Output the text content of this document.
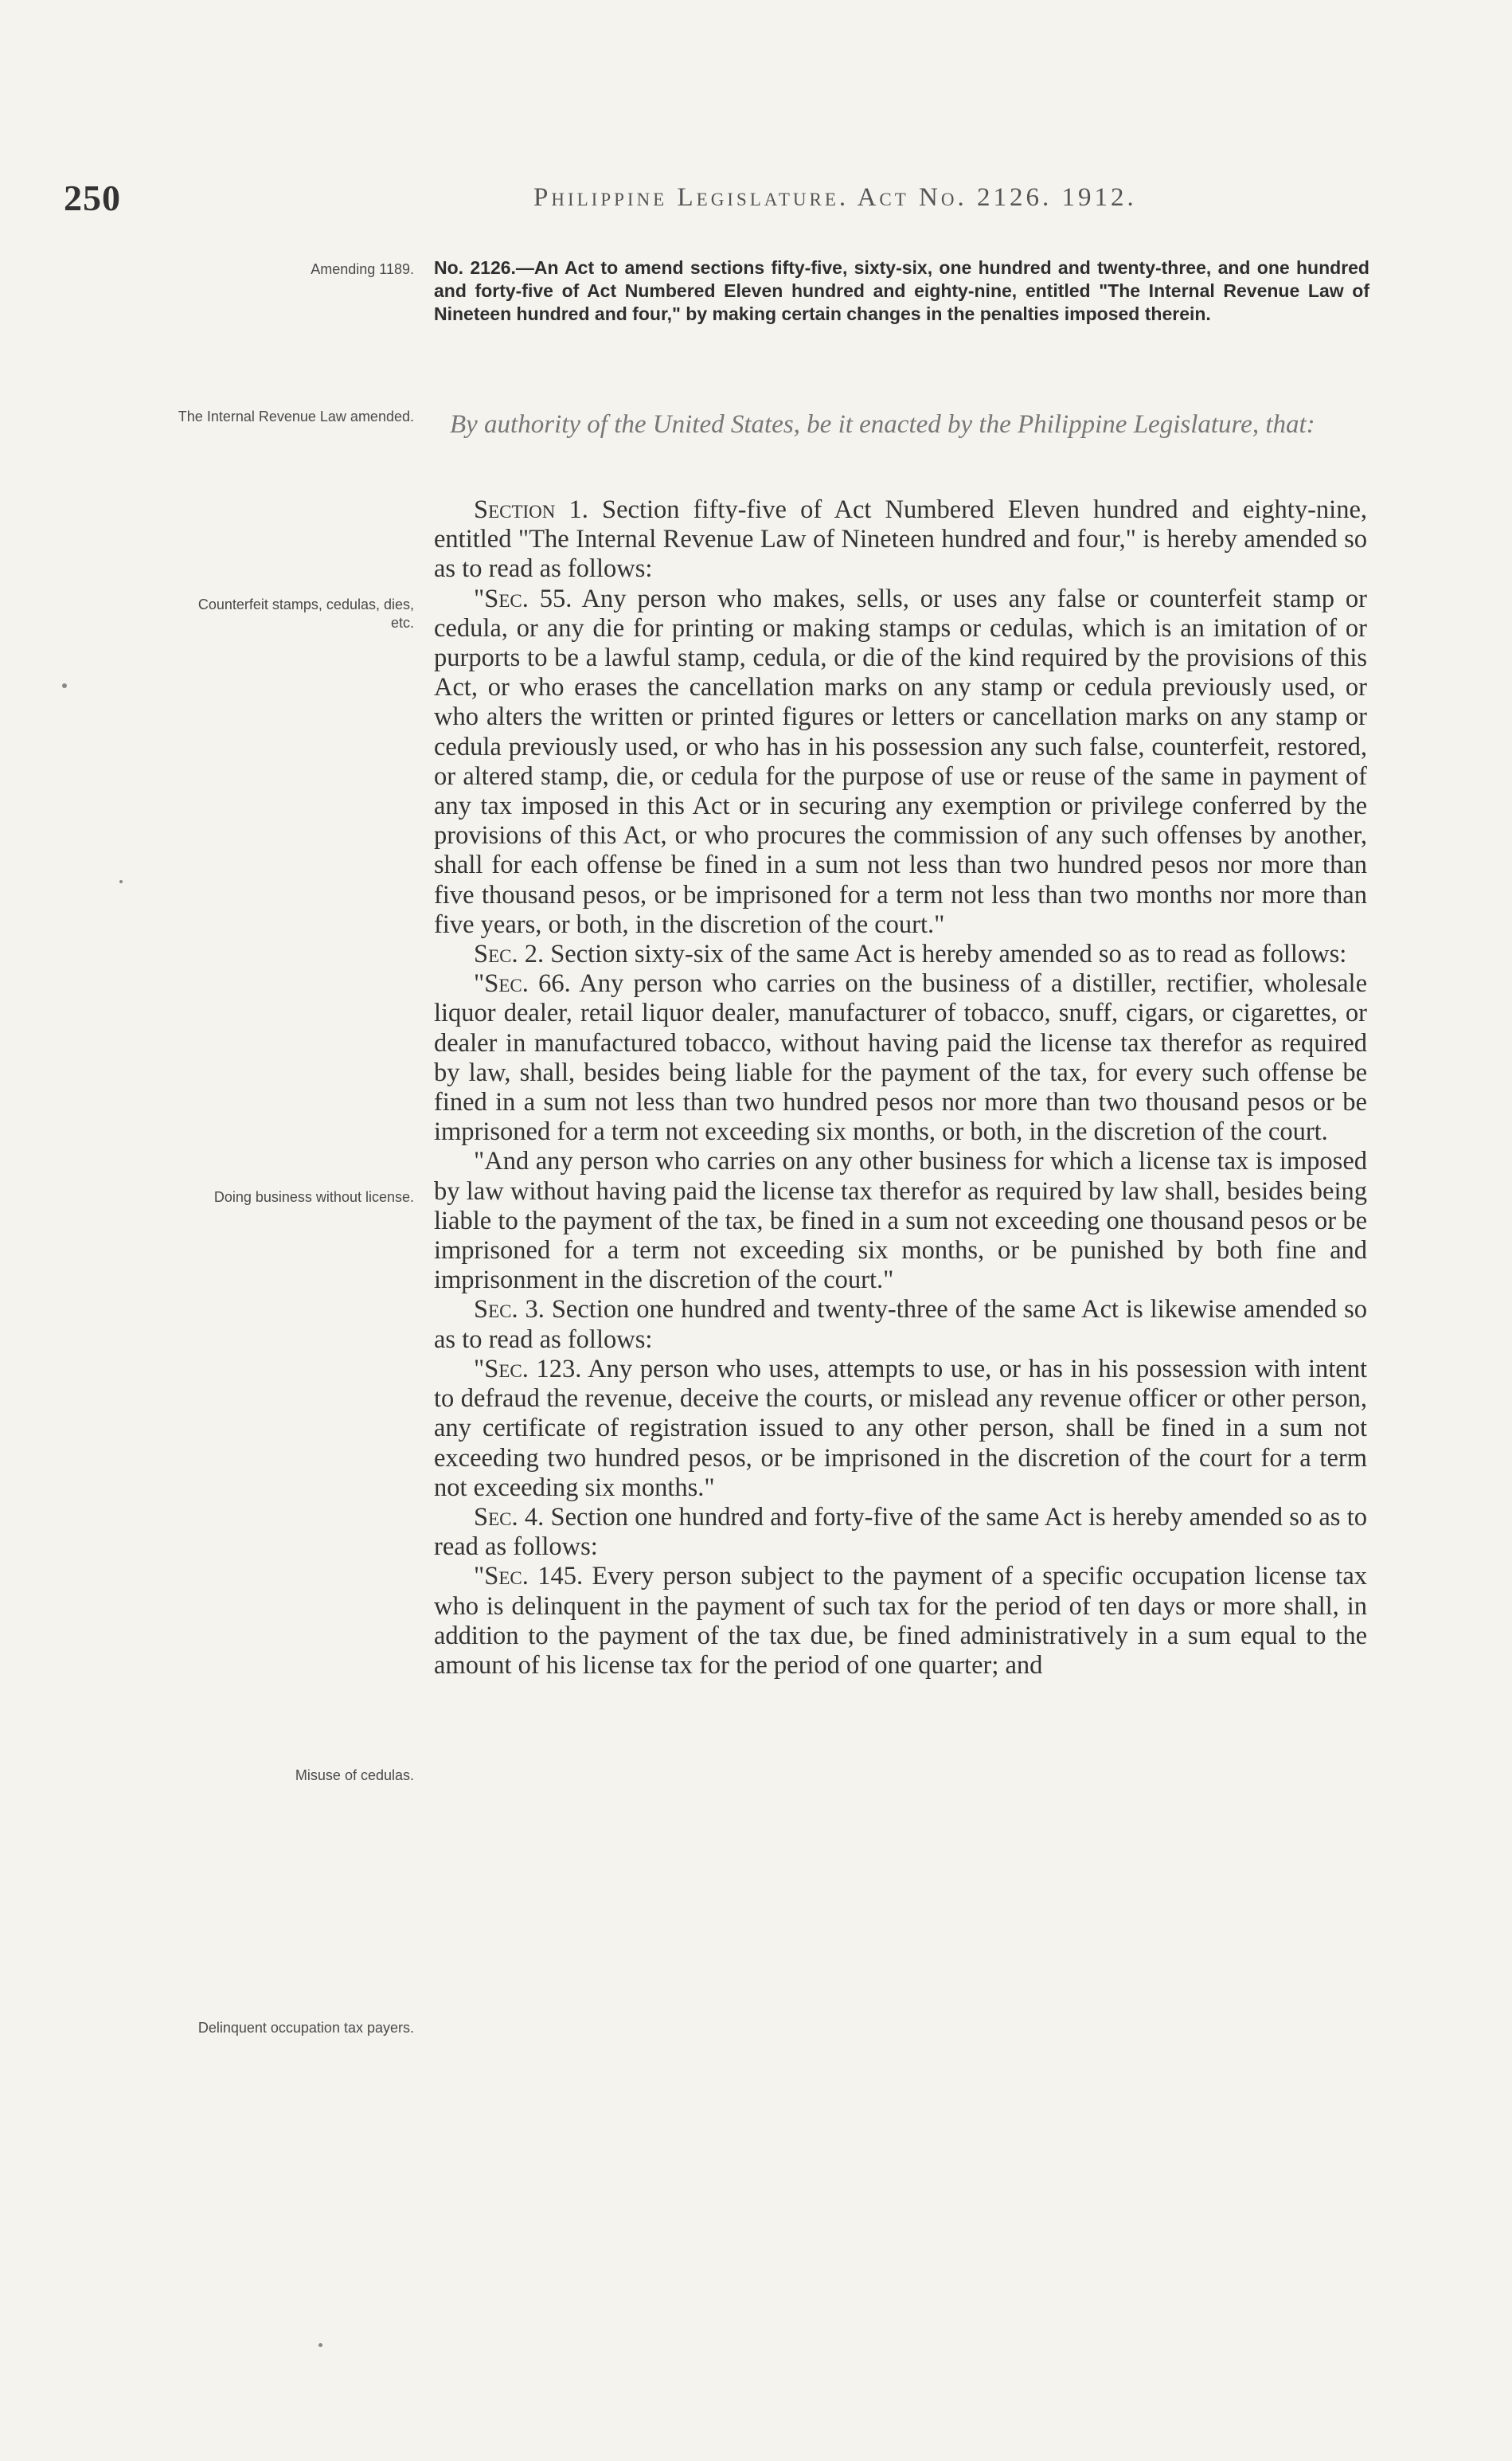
250	Philippine Legislature. Act No. 2126. 1912.
Amending 1189.
The Internal Revenue Law amended.
Counterfeit stamps, cedulas, dies, etc.
Doing business without license.
Misuse of cedulas.
Delinquent occupation tax payers.
No. 2126.—An Act to amend sections fifty-five, sixty-six, one hundred and twenty-three, and one hundred and forty-five of Act Numbered Eleven hundred and eighty-nine, entitled "The Internal Revenue Law of Nineteen hundred and four," by making certain changes in the penalties imposed therein.
By authority of the United States, be it enacted by the Philippine Legislature, that:

Section 1. Section fifty-five of Act Numbered Eleven hundred and eighty-nine, entitled "The Internal Revenue Law of Nineteen hundred and four," is hereby amended so as to read as follows:

"Sec. 55. Any person who makes, sells, or uses any false or counterfeit stamp or cedula, or any die for printing or making stamps or cedulas, which is an imitation of or purports to be a lawful stamp, cedula, or die of the kind required by the provisions of this Act, or who erases the cancellation marks on any stamp or cedula previously used, or who alters the written or printed figures or letters or cancellation marks on any stamp or cedula previously used, or who has in his possession any such false, counterfeit, restored, or altered stamp, die, or cedula for the purpose of use or reuse of the same in payment of any tax imposed in this Act or in securing any exemption or privilege conferred by the provisions of this Act, or who procures the commission of any such offenses by another, shall for each offense be fined in a sum not less than two hundred pesos nor more than five thousand pesos, or be imprisoned for a term not less than two months nor more than five years, or both, in the discretion of the court."

Sec. 2. Section sixty-six of the same Act is hereby amended so as to read as follows:

"Sec. 66. Any person who carries on the business of a distiller, rectifier, wholesale liquor dealer, retail liquor dealer, manufacturer of tobacco, snuff, cigars, or cigarettes, or dealer in manufactured tobacco, without having paid the license tax therefor as required by law, shall, besides being liable for the payment of the tax, for every such offense be fined in a sum not less than two hundred pesos nor more than two thousand pesos or be imprisoned for a term not exceeding six months, or both, in the discretion of the court.

"And any person who carries on any other business for which a license tax is imposed by law without having paid the license tax therefor as required by law shall, besides being liable to the payment of the tax, be fined in a sum not exceeding one thousand pesos or be imprisoned for a term not exceeding six months, or be punished by both fine and imprisonment in the discretion of the court."

Sec. 3. Section one hundred and twenty-three of the same Act is likewise amended so as to read as follows:

"Sec. 123. Any person who uses, attempts to use, or has in his possession with intent to defraud the revenue, deceive the courts, or mislead any revenue officer or other person, any certificate of registration issued to any other person, shall be fined in a sum not exceeding two hundred pesos, or be imprisoned in the discretion of the court for a term not exceeding six months."

Sec. 4. Section one hundred and forty-five of the same Act is hereby amended so as to read as follows:

"Sec. 145. Every person subject to the payment of a specific occupation license tax who is delinquent in the payment of such tax for the period of ten days or more shall, in addition to the payment of the tax due, be fined administratively in a sum equal to the amount of his license tax for the period of one quarter; and
